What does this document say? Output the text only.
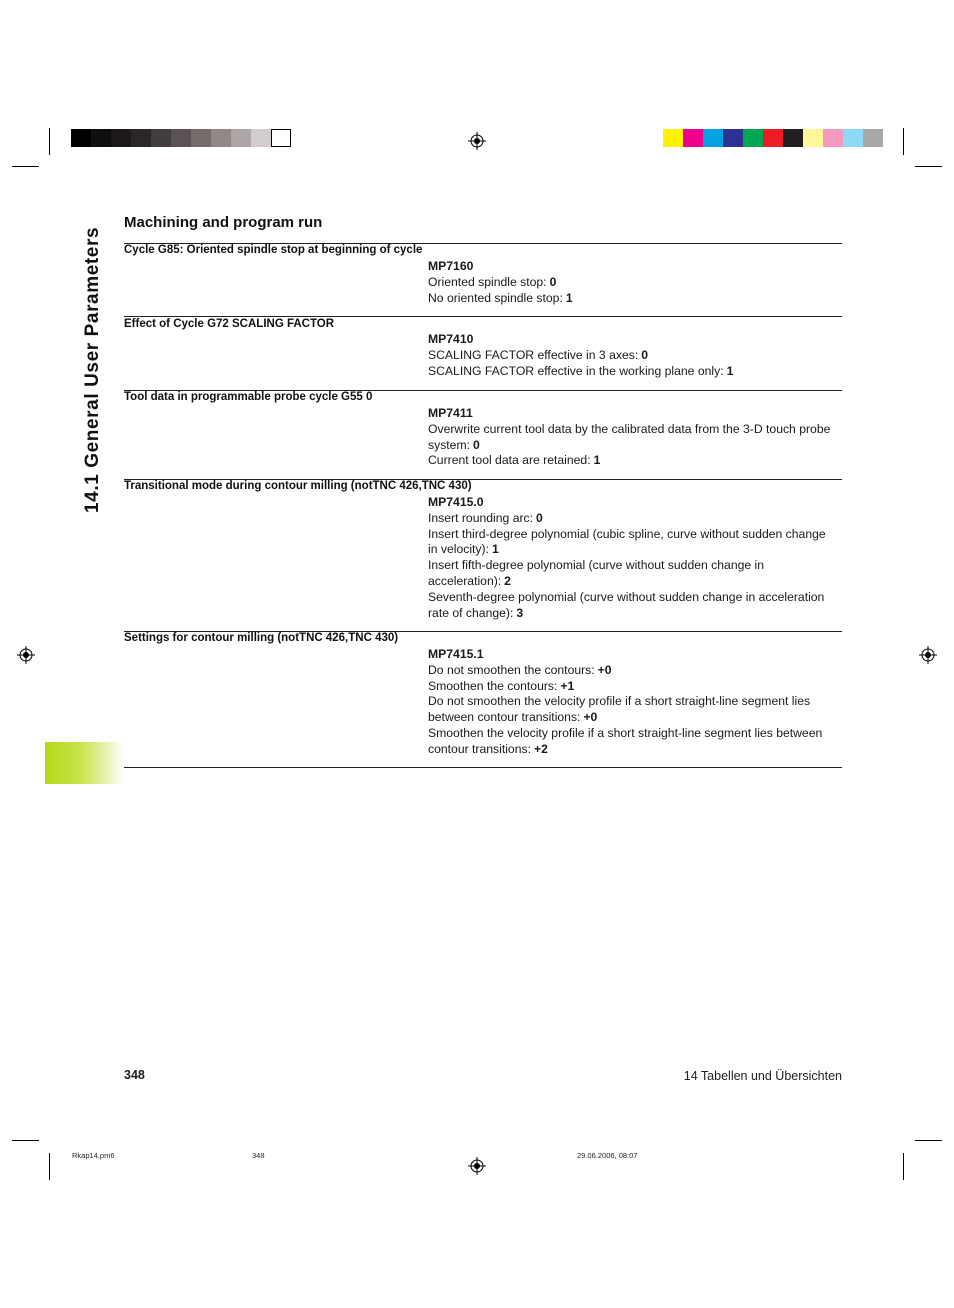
14.1 General User Parameters
Machining and program run
Cycle G85: Oriented spindle stop at beginning of cycle
MP7160
Oriented spindle stop: 0
No oriented spindle stop: 1
Effect of Cycle G72 SCALING FACTOR
MP7410
SCALING FACTOR effective in 3 axes: 0
SCALING FACTOR effective in the working plane only: 1
Tool data in programmable probe cycle G55 0
MP7411
Overwrite current tool data by the calibrated data from the 3-D touch probe system: 0
Current tool data are retained: 1
Transitional mode during contour milling (notTNC 426,TNC 430)
MP7415.0
Insert rounding arc: 0
Insert third-degree polynomial (cubic spline, curve without sudden change in velocity): 1
Insert fifth-degree polynomial (curve without sudden change in acceleration): 2
Seventh-degree polynomial (curve without sudden change in acceleration rate of change): 3
Settings for contour milling (notTNC 426,TNC 430)
MP7415.1
Do not smoothen the contours: +0
Smoothen the contours: +1
Do not smoothen the velocity profile if a short straight-line segment lies between contour transitions: +0
Smoothen the velocity profile if a short straight-line segment lies between contour transitions: +2
348	14 Tabellen und Übersichten
Rkap14.pm6	348	29.06.2006, 08:07
